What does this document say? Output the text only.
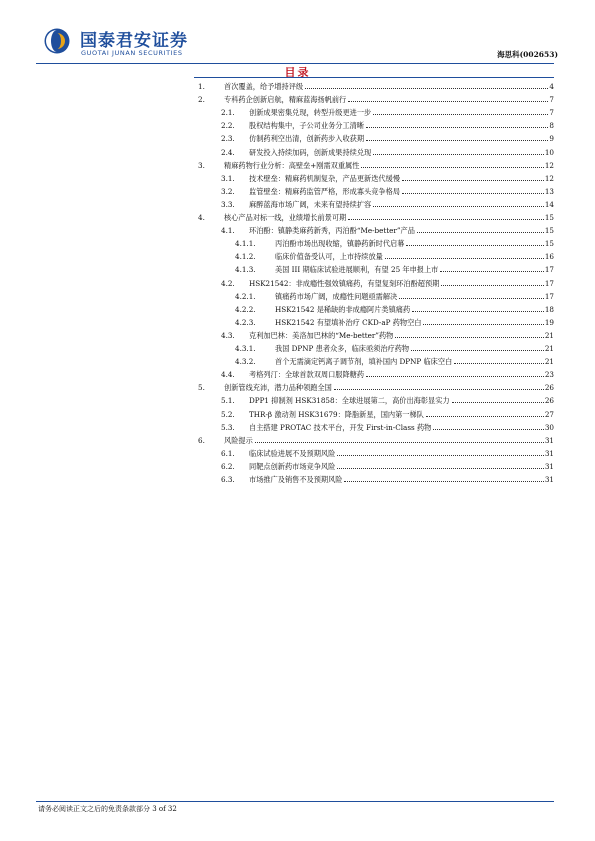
国泰君安证券
GUOTAI JUNAN SECURITIES	海思科(002653)
目录
1.	首次覆盖，给予增持评级	4
2.	专科药企创新启航，精麻蓝海扬帆前行	7
2.1.	创新成果密集兑现，转型升级更进一步	7
2.2.	股权结构集中，子公司业务分工清晰	8
2.3.	仿制药利空出清，创新药步入收获期	9
2.4.	研发投入持续加码，创新成果持续兑现	10
3.	精麻药物行业分析：高壁垒+刚需双重属性	12
3.1.	技术壁垒：精麻药机制复杂，产品更新迭代缓慢	12
3.2.	监管壁垒：精麻药监管严格，形成寡头竞争格局	13
3.3.	麻醉蓝海市场广阔，未来有望持续扩容	14
4.	核心产品对标一线，业绩增长前景可期	15
4.1.	环泊酚：镇静类麻药新秀，丙泊酚“Me-better”产品	15
4.1.1.	丙泊酚市场出现收缩，镇静药新时代启幕	15
4.1.2.	临床价值备受认可，上市持续放量	16
4.1.3.	美国 III 期临床试验进展顺利，有望 25 年申报上市	17
4.2.	HSK21542：非成瘾性强效镇痛药，有望复刻环泊酚超预期	17
4.2.1.	镇痛药市场广阔，成瘾性问题亟需解决	17
4.2.2.	HSK21542 是稀缺的非成瘾阿片类镇痛药	18
4.2.3.	HSK21542 有望填补治疗 CKD-aP 药物空白	19
4.3.	克利加巴林：美洛加巴林的“Me-better”药物	21
4.3.1.	我国 DPNP 患者众多，临床亟须治疗药物	21
4.3.2.	首个无需滴定钙离子调节剂，填补国内 DPNP 临床空白	21
4.4.	考格列汀：全球首款双周口服降糖药	23
5.	创新管线充沛，潜力品种领跑全国	26
5.1.	DPP1 抑制剂 HSK31858：全球进展第二，高价出海彰显实力	26
5.2.	THR-β 激动剂 HSK31679：降脂新星，国内第一梯队	27
5.3.	自主搭建 PROTAC 技术平台，开发 First-in-Class 药物	30
6.	风险提示	31
6.1.	临床试验进展不及预期风险	31
6.2.	同靶点创新药市场竞争风险	31
6.3.	市场推广及销售不及预期风险	31
请务必阅读正文之后的免责条款部分 3 of 32
